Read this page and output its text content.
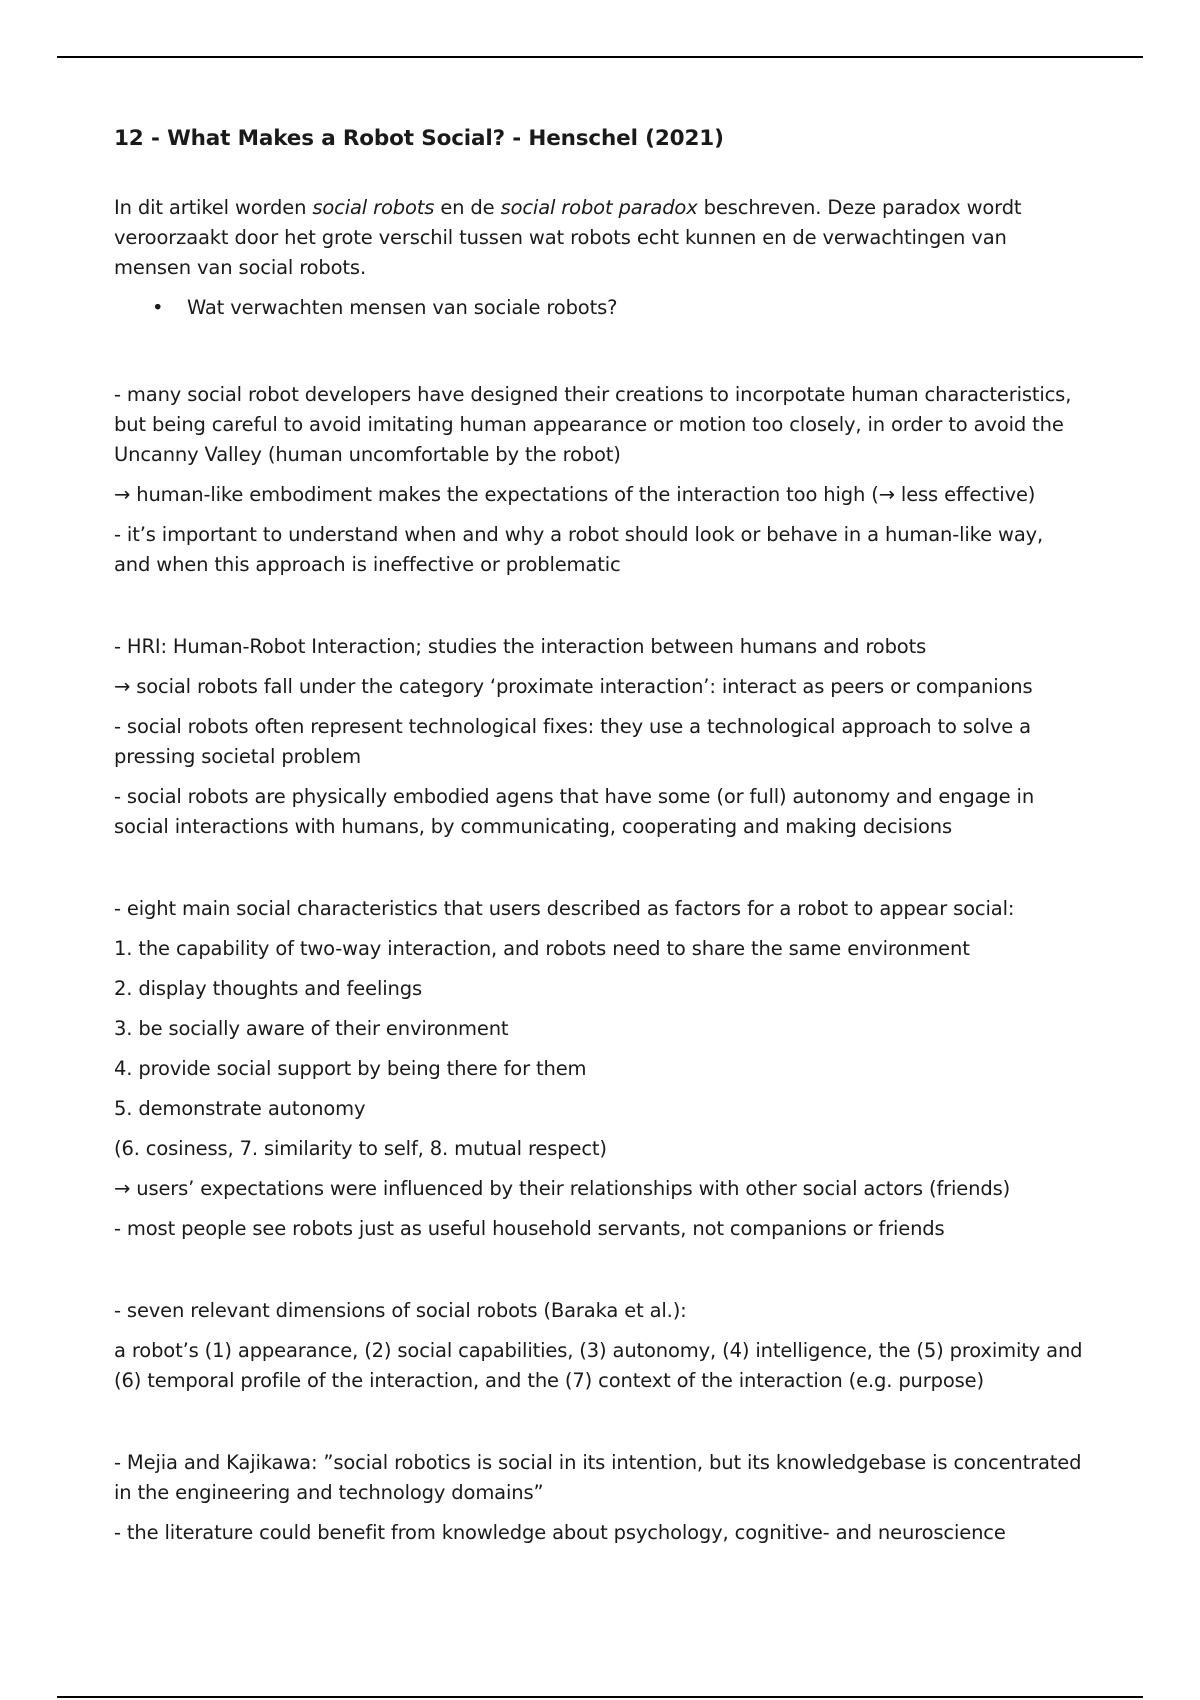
12 - What Makes a Robot Social? - Henschel (2021)

In dit artikel worden social robots en de social robot paradox beschreven. Deze paradox wordt veroorzaakt door het grote verschil tussen wat robots echt kunnen en de verwachtingen van mensen van social robots.

• Wat verwachten mensen van sociale robots?

- many social robot developers have designed their creations to incorpotate human characteristics, but being careful to avoid imitating human appearance or motion too closely, in order to avoid the Uncanny Valley (human uncomfortable by the robot)

→ human-like embodiment makes the expectations of the interaction too high (→ less effective)

- it’s important to understand when and why a robot should look or behave in a human-like way, and when this approach is ineffective or problematic

- HRI: Human-Robot Interaction; studies the interaction between humans and robots

→ social robots fall under the category ‘proximate interaction’: interact as peers or companions

- social robots often represent technological fixes: they use a technological approach to solve a pressing societal problem

- social robots are physically embodied agens that have some (or full) autonomy and engage in social interactions with humans, by communicating, cooperating and making decisions

- eight main social characteristics that users described as factors for a robot to appear social:

1. the capability of two-way interaction, and robots need to share the same environment

2. display thoughts and feelings

3. be socially aware of their environment

4. provide social support by being there for them

5. demonstrate autonomy

(6. cosiness, 7. similarity to self, 8. mutual respect)

→ users’ expectations were influenced by their relationships with other social actors (friends)

- most people see robots just as useful household servants, not companions or friends

- seven relevant dimensions of social robots (Baraka et al.):

a robot’s (1) appearance, (2) social capabilities, (3) autonomy, (4) intelligence, the (5) proximity and (6) temporal profile of the interaction, and the (7) context of the interaction (e.g. purpose)

- Mejia and Kajikawa: ”social robotics is social in its intention, but its knowledgebase is concentrated in the engineering and technology domains”

- the literature could benefit from knowledge about psychology, cognitive- and neuroscience
